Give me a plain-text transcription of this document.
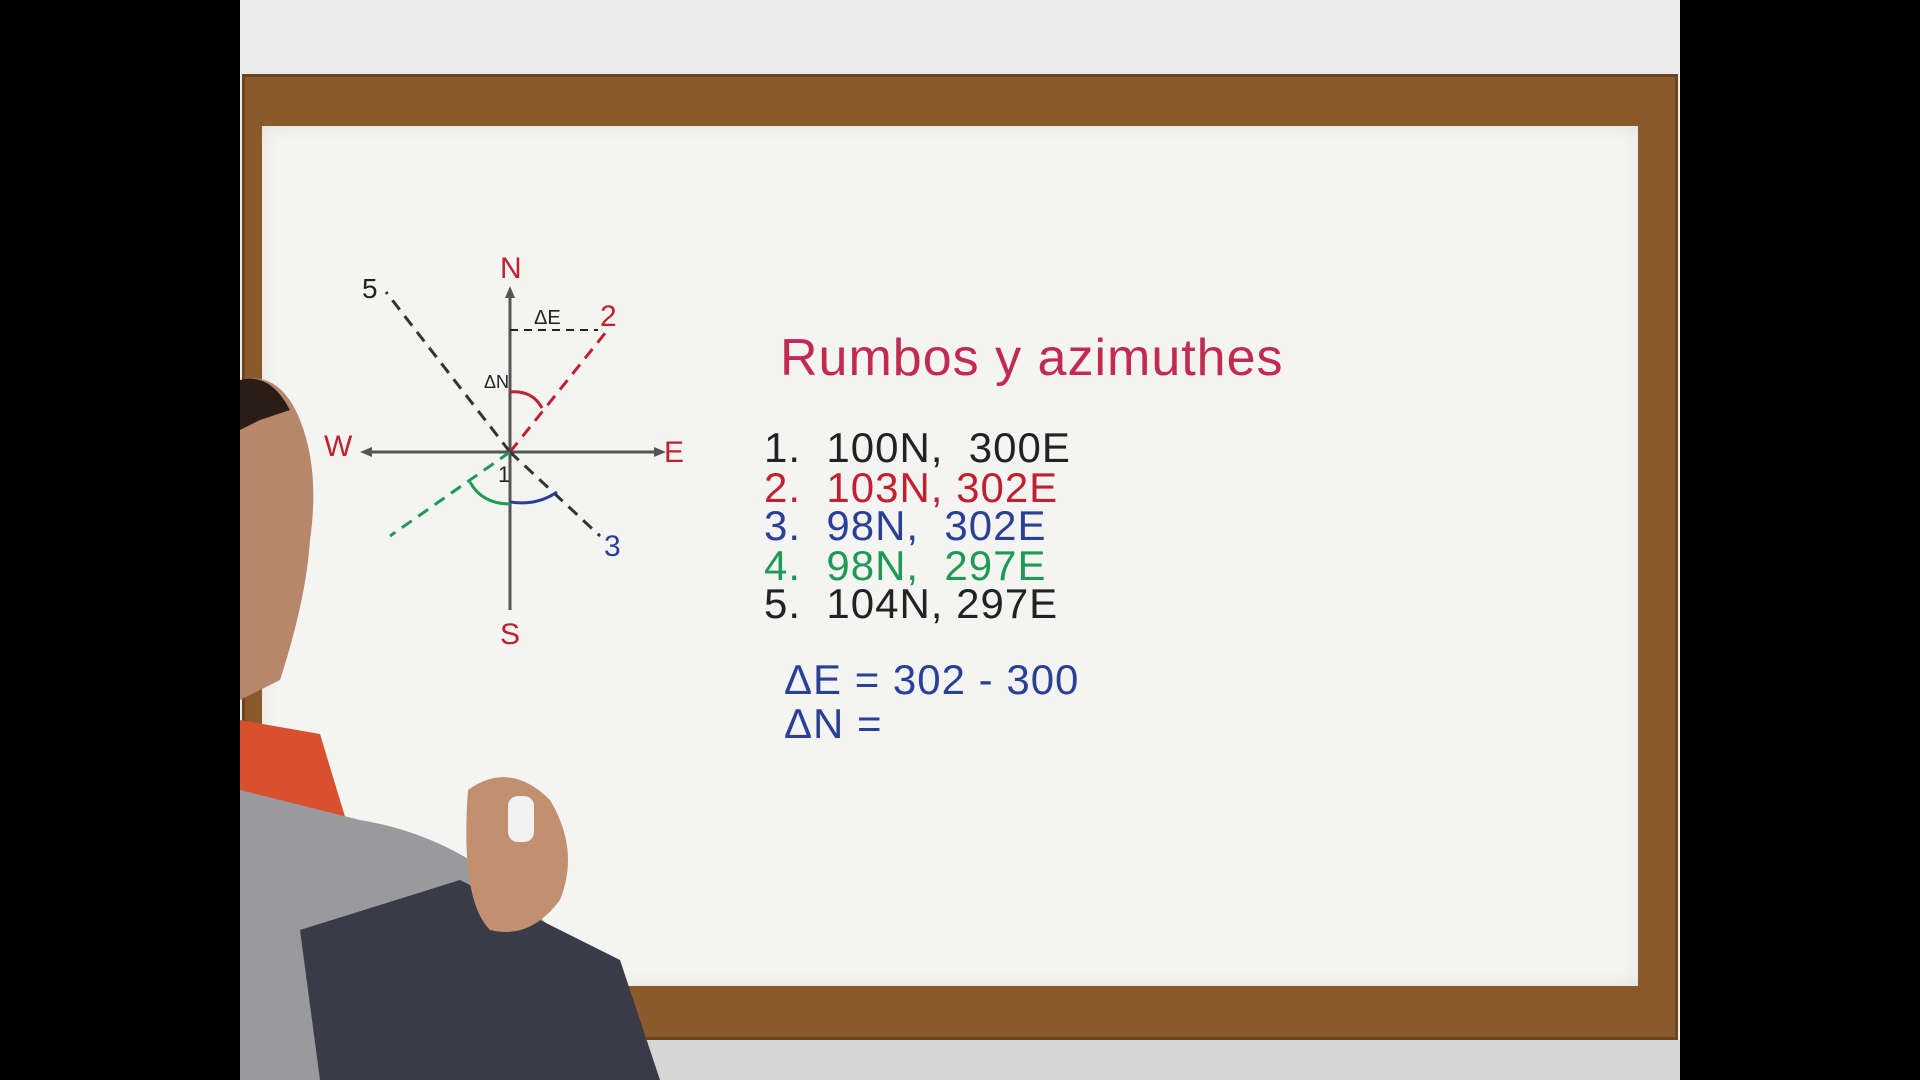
N
S
E
W
1
2
3
5
ΔE
ΔN	Rumbos y azimuthes
1.  100N,  300E
2.  103N, 302E
3.  98N,  302E
4.  98N,  297E
5.  104N, 297E
ΔE = 302 - 300
ΔN =
